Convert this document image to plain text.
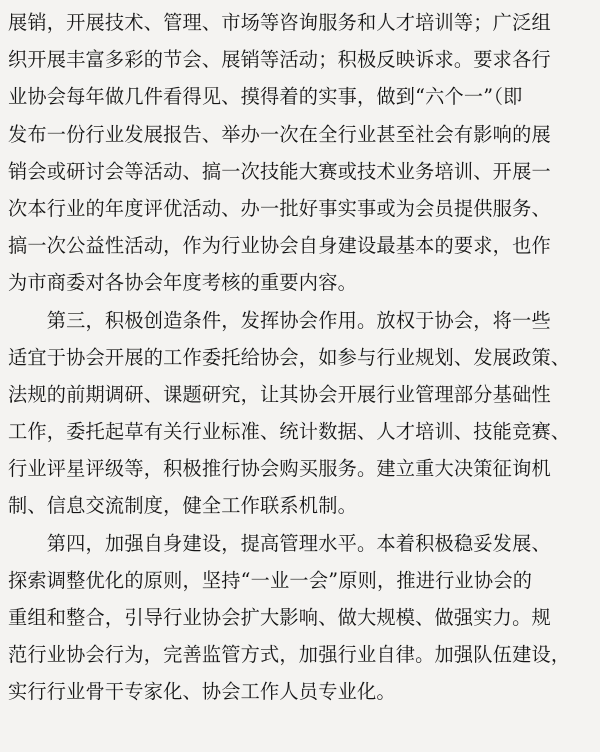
展销，开展技术、管理、市场等咨询服务和人才培训等；广泛组
织开展丰富多彩的节会、展销等活动；积极反映诉求。要求各行
业协会每年做几件看得见、摸得着的实事，做到“六个一”（即
发布一份行业发展报告、举办一次在全行业甚至社会有影响的展
销会或研讨会等活动、搞一次技能大赛或技术业务培训、开展一
次本行业的年度评优活动、办一批好事实事或为会员提供服务、
搞一次公益性活动，作为行业协会自身建设最基本的要求，也作
为市商委对各协会年度考核的重要内容。
　　第三，积极创造条件，发挥协会作用。放权于协会，将一些
适宜于协会开展的工作委托给协会，如参与行业规划、发展政策、
法规的前期调研、课题研究，让其协会开展行业管理部分基础性
工作，委托起草有关行业标准、统计数据、人才培训、技能竞赛、
行业评星评级等，积极推行协会购买服务。建立重大决策征询机
制、信息交流制度，健全工作联系机制。
　　第四，加强自身建设，提高管理水平。本着积极稳妥发展、
探索调整优化的原则，坚持“一业一会”原则，推进行业协会的
重组和整合，引导行业协会扩大影响、做大规模、做强实力。规
范行业协会行为，完善监管方式，加强行业自律。加强队伍建设，
实行行业骨干专家化、协会工作人员专业化。
